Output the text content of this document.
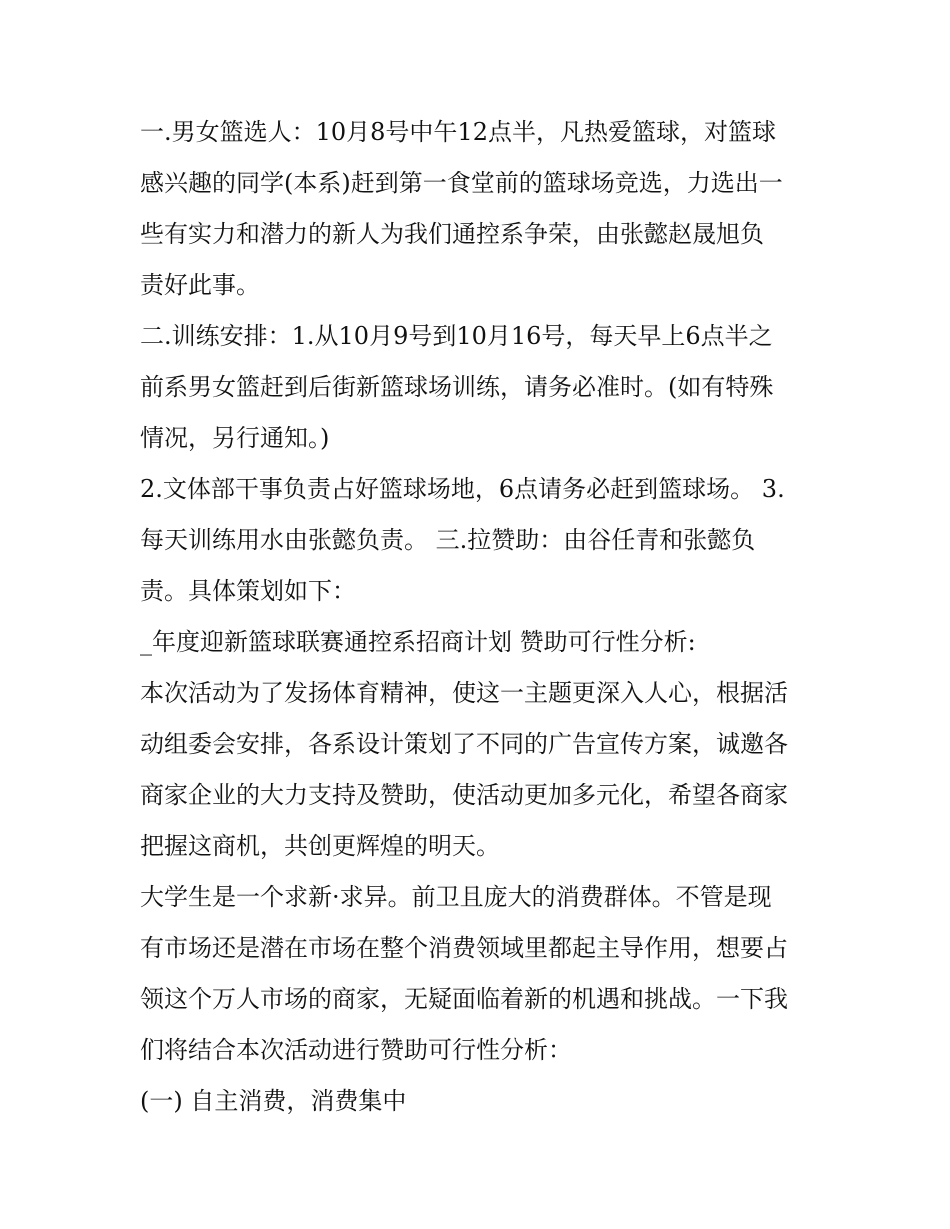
一.男女篮选人：10月8号中午12点半，凡热爱篮球，对篮球
感兴趣的同学(本系)赶到第一食堂前的篮球场竞选，力选出一
些有实力和潜力的新人为我们通控系争荣，由张懿赵晟旭负
责好此事。
二.训练安排：1.从10月9号到10月16号，每天早上6点半之
前系男女篮赶到后街新篮球场训练，请务必准时。(如有特殊
情况，另行通知。)
2.文体部干事负责占好篮球场地，6点请务必赶到篮球场。 3.
每天训练用水由张懿负责。 三.拉赞助：由谷任青和张懿负
责。具体策划如下：
_年度迎新篮球联赛通控系招商计划 赞助可行性分析:
本次活动为了发扬体育精神，使这一主题更深入人心，根据活
动组委会安排，各系设计策划了不同的广告宣传方案，诚邀各
商家企业的大力支持及赞助，使活动更加多元化，希望各商家
把握这商机，共创更辉煌的明天。
大学生是一个求新·求异。前卫且庞大的消费群体。不管是现
有市场还是潜在市场在整个消费领域里都起主导作用，想要占
领这个万人市场的商家，无疑面临着新的机遇和挑战。一下我
们将结合本次活动进行赞助可行性分析：
(一) 自主消费，消费集中
